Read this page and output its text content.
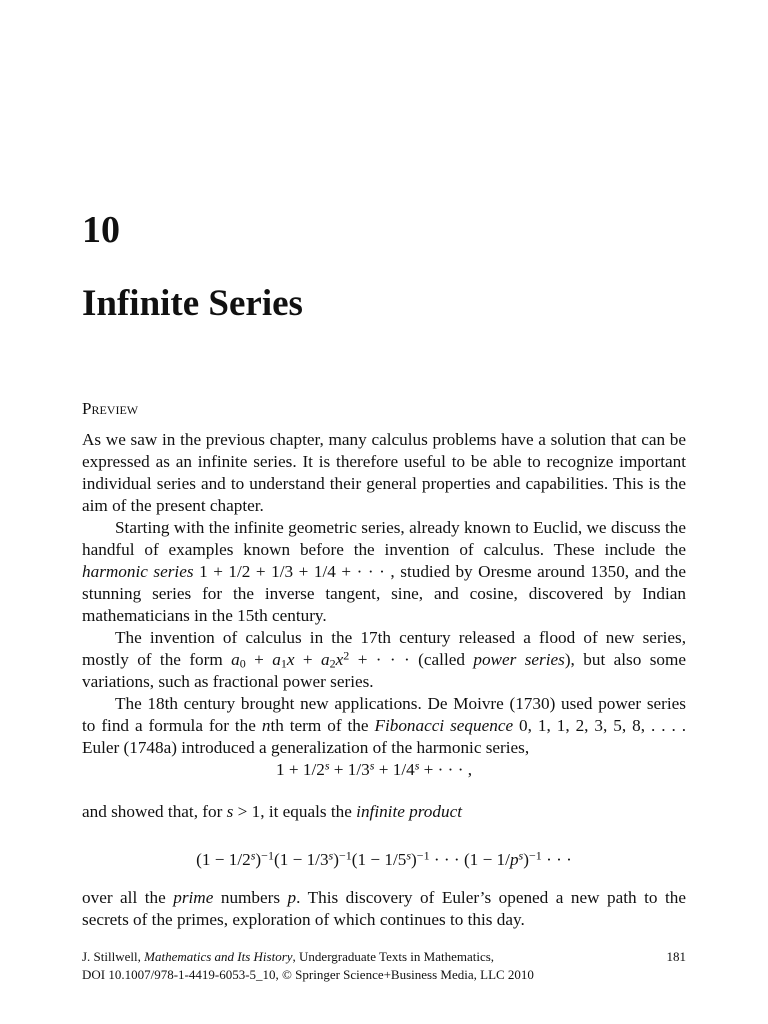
10
Infinite Series
Preview

As we saw in the previous chapter, many calculus problems have a solution that can be expressed as an infinite series. It is therefore useful to be able to recognize important individual series and to understand their general properties and capabilities. This is the aim of the present chapter.

Starting with the infinite geometric series, already known to Euclid, we discuss the handful of examples known before the invention of calculus. These include the harmonic series 1 + 1/2 + 1/3 + 1/4 + · · · , studied by Oresme around 1350, and the stunning series for the inverse tangent, sine, and cosine, discovered by Indian mathematicians in the 15th century.

The invention of calculus in the 17th century released a flood of new series, mostly of the form $a_0 + a_1x + a_2x^2$ + · · · (called power series), but also some variations, such as fractional power series.

The 18th century brought new applications. De Moivre (1730) used power series to find a formula for the nth term of the Fibonacci sequence 0, 1, 1, 2, 3, 5, 8, . . . . Euler (1748a) introduced a generalization of the harmonic series,

$1 + 1/2^s + 1/3^s + 1/4^s$ + · · · ,

and showed that, for s > 1, it equals the infinite product

$(1 - 1/2^s)^{-1}(1 - 1/3^s)^{-1}(1 - 1/5^s)^{-1}$ · · · $(1 - 1/p^s)^{-1}$ · · ·

over all the prime numbers p. This discovery of Euler’s opened a new path to the secrets of the primes, exploration of which continues to this day.

J. Stillwell, Mathematics and Its History, Undergraduate Texts in Mathematics,	181
DOI 10.1007/978-1-4419-6053-5_10, © Springer Science+Business Media, LLC 2010
